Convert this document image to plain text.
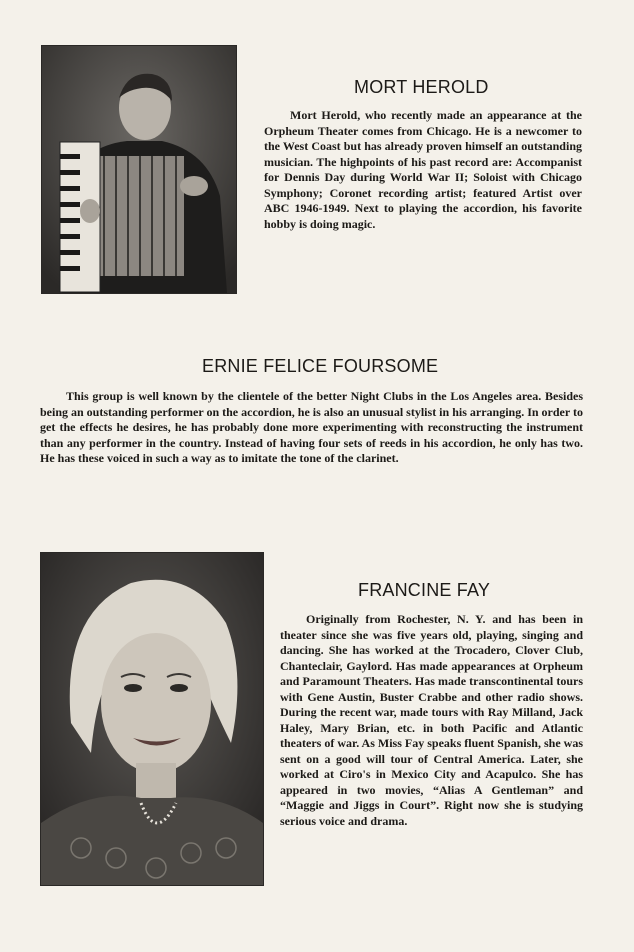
MORT HEROLD

Mort Herold, who recently made an appearance at the Orpheum Theater comes from Chicago. He is a newcomer to the West Coast but has already proven himself an outstanding musician. The highpoints of his past record are: Accompanist for Dennis Day during World War II; Soloist with Chicago Symphony; Coronet recording artist; featured Artist over ABC 1946-1949. Next to playing the accordion, his favorite hobby is doing magic.

ERNIE FELICE FOURSOME

This group is well known by the clientele of the better Night Clubs in the Los Angeles area. Besides being an outstanding performer on the accordion, he is also an unusual stylist in his arranging. In order to get the effects he desires, he has probably done more experimenting with reconstructing the instrument than any performer in the country. Instead of having four sets of reeds in his accordion, he only has two. He has these voiced in such a way as to imitate the tone of the clarinet.

FRANCINE FAY

Originally from Rochester, N. Y. and has been in theater since she was five years old, playing, singing and dancing. She has worked at the Trocadero, Clover Club, Chanteclair, Gaylord. Has made appearances at Orpheum and Paramount Theaters. Has made transcontinental tours with Gene Austin, Buster Crabbe and other radio shows. During the recent war, made tours with Ray Milland, Jack Haley, Mary Brian, etc. in both Pacific and Atlantic theaters of war. As Miss Fay speaks fluent Spanish, she was sent on a good will tour of Central America. Later, she worked at Ciro's in Mexico City and Acapulco. She has appeared in two movies, “Alias A Gentleman” and “Maggie and Jiggs in Court”. Right now she is studying serious voice and drama.
